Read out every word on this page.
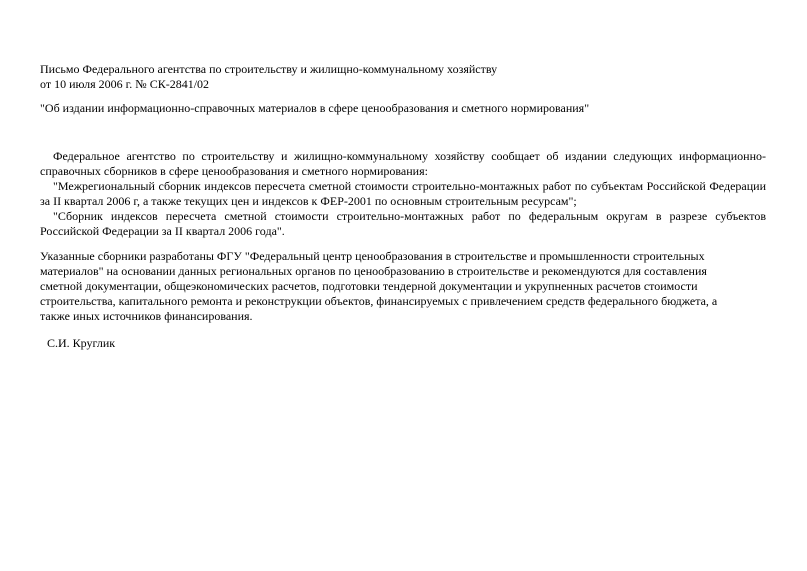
Письмо Федерального агентства по строительству и жилищно-коммунальному хозяйству
от 10 июля 2006 г. № СК-2841/02
"Об издании информационно-справочных материалов в сфере ценообразования и сметного нормирования"

Федеральное агентство по строительству и жилищно-коммунальному хозяйству сообщает об издании следующих информационно-справочных сборников в сфере ценообразования и сметного нормирования:

"Межрегиональный сборник индексов пересчета сметной стоимости строительно-монтажных работ по субъектам Российской Федерации за II квартал 2006 г, а также текущих цен и индексов к ФЕР-2001 по основным строительным ресурсам";

"Сборник индексов пересчета сметной стоимости строительно-монтажных работ по федеральным округам в разрезе субъектов Российской Федерации за II квартал 2006 года".

Указанные сборники разработаны ФГУ "Федеральный центр ценообразования в строительстве и промышленности строительных материалов" на основании данных региональных органов по ценообразованию в строительстве и рекомендуются для составления сметной документации, общеэкономических расчетов, подготовки тендерной документации и укрупненных расчетов стоимости строительства, капитального ремонта и реконструкции объектов, финансируемых с привлечением средств федерального бюджета, а также иных источников финансирования.

С.И. Круглик
